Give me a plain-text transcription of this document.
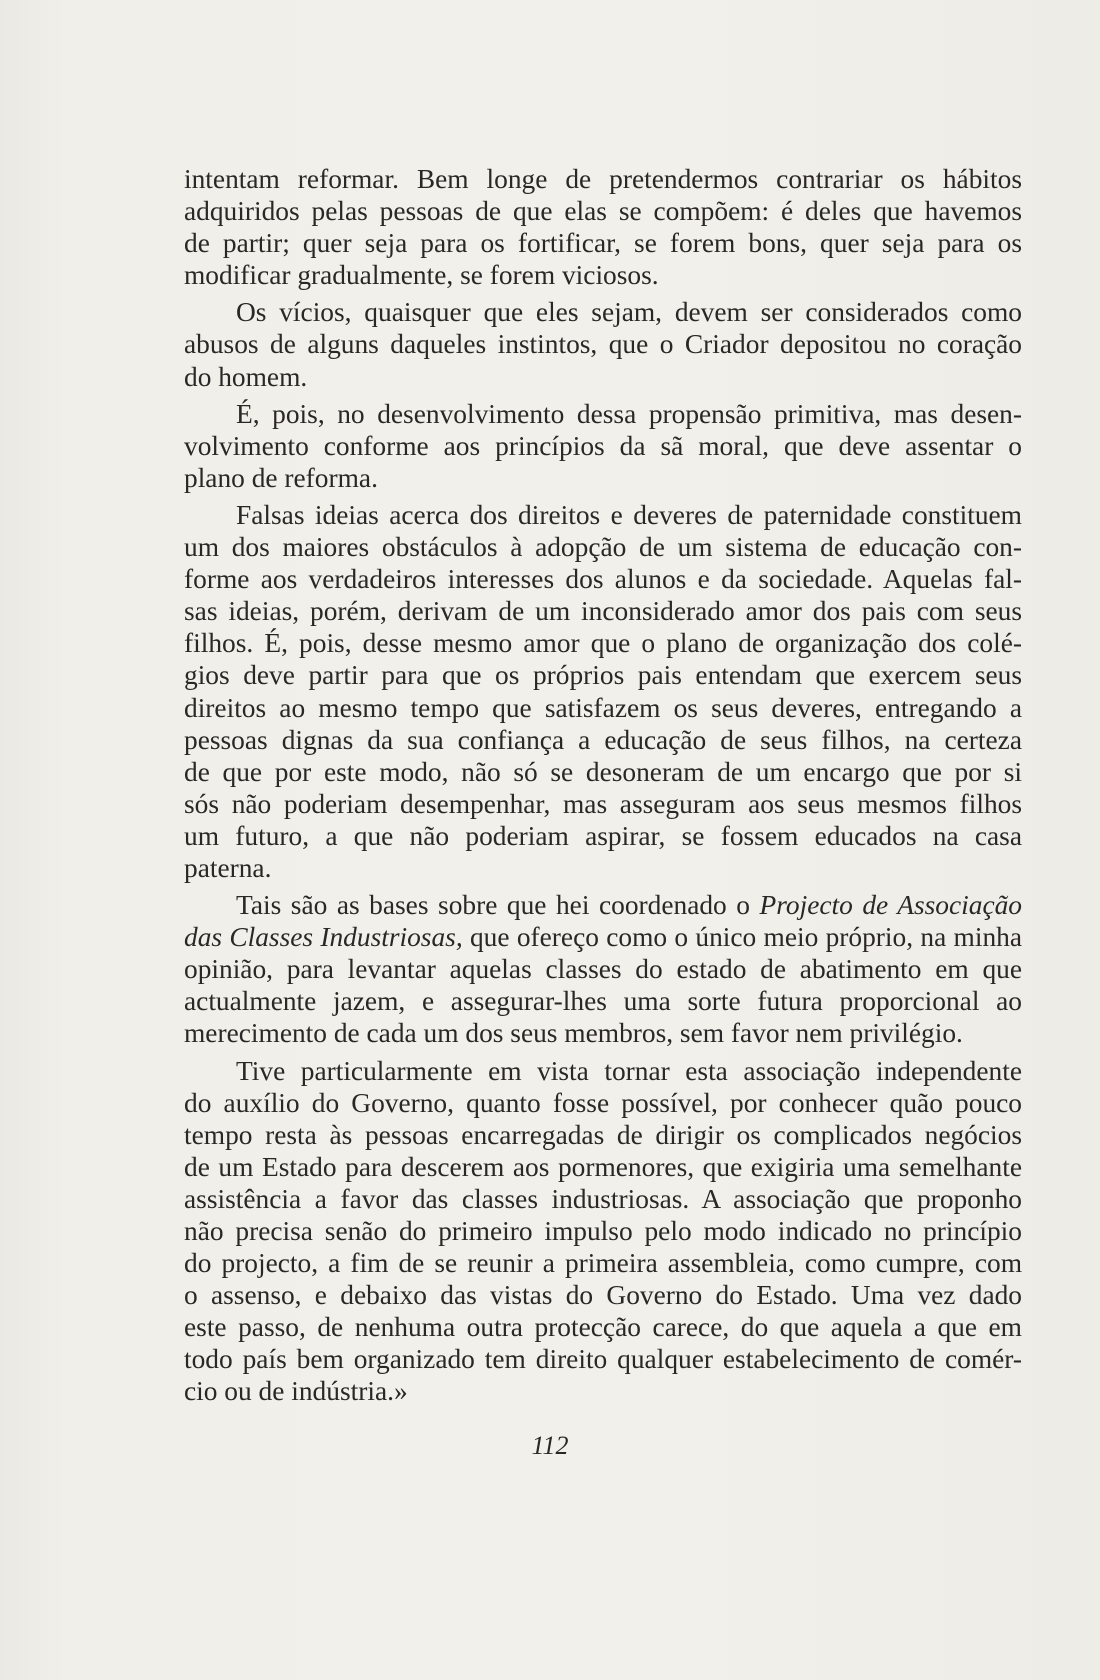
intentam reformar. Bem longe de pretendermos contrariar os hábitos
adquiridos pelas pessoas de que elas se compõem: é deles que havemos
de partir; quer seja para os fortificar, se forem bons, quer seja para os
modificar gradualmente, se forem viciosos.

Os vícios, quaisquer que eles sejam, devem ser considerados como
abusos de alguns daqueles instintos, que o Criador depositou no coração
do homem.

É, pois, no desenvolvimento dessa propensão primitiva, mas desen-
volvimento conforme aos princípios da sã moral, que deve assentar o
plano de reforma.

Falsas ideias acerca dos direitos e deveres de paternidade constituem
um dos maiores obstáculos à adopção de um sistema de educação con-
forme aos verdadeiros interesses dos alunos e da sociedade. Aquelas fal-
sas ideias, porém, derivam de um inconsiderado amor dos pais com seus
filhos. É, pois, desse mesmo amor que o plano de organização dos colé-
gios deve partir para que os próprios pais entendam que exercem seus
direitos ao mesmo tempo que satisfazem os seus deveres, entregando a
pessoas dignas da sua confiança a educação de seus filhos, na certeza
de que por este modo, não só se desoneram de um encargo que por si
sós não poderiam desempenhar, mas asseguram aos seus mesmos filhos
um futuro, a que não poderiam aspirar, se fossem educados na casa
paterna.

Tais são as bases sobre que hei coordenado o Projecto de Associação
das Classes Industriosas, que ofereço como o único meio próprio, na minha
opinião, para levantar aquelas classes do estado de abatimento em que
actualmente jazem, e assegurar-lhes uma sorte futura proporcional ao
merecimento de cada um dos seus membros, sem favor nem privilégio.

Tive particularmente em vista tornar esta associação independente
do auxílio do Governo, quanto fosse possível, por conhecer quão pouco
tempo resta às pessoas encarregadas de dirigir os complicados negócios
de um Estado para descerem aos pormenores, que exigiria uma semelhante
assistência a favor das classes industriosas. A associação que proponho
não precisa senão do primeiro impulso pelo modo indicado no princípio
do projecto, a fim de se reunir a primeira assembleia, como cumpre, com
o assenso, e debaixo das vistas do Governo do Estado. Uma vez dado
este passo, de nenhuma outra protecção carece, do que aquela a que em
todo país bem organizado tem direito qualquer estabelecimento de comér-
cio ou de indústria.»

112
